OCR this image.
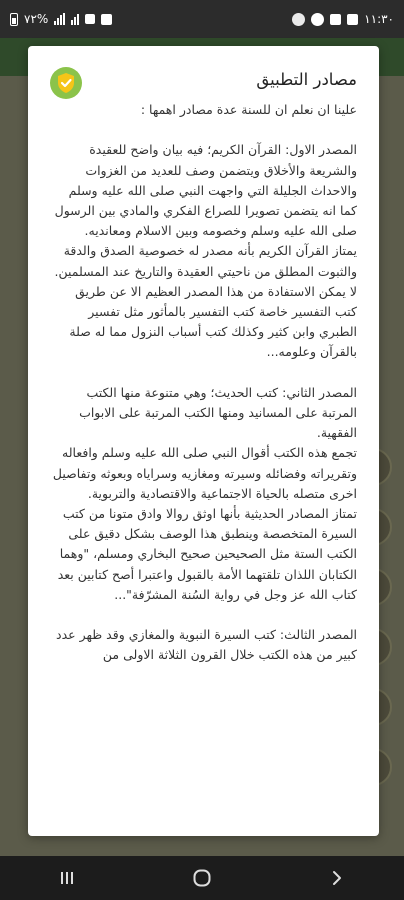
٧٢%	١١:٣٠
مصادر التطبيق

علينا ان نعلم ان للسنة عدة مصادر اهمها :

المصدر الاول: القرآن الكريم؛ فيه بيان واضح للعقيدة والشريعة والأخلاق ويتضمن وصف للعديد من الغزوات والاحداث الجليلة التي واجهت النبي صلى الله عليه وسلم كما انه يتضمن تصويرا للصراع الفكري والمادي بين الرسول صلى الله عليه وسلم وخصومه وبين الاسلام ومعانديه.
يمتاز القرآن الكريم بأنه مصدر له خصوصية الصدق والدقة والثبوت المطلق من ناحيتي العقيدة والتاريخ عند المسلمين.
لا يمكن الاستفادة من هذا المصدر العظيم الا عن طريق كتب التفسير خاصة كتب التفسير بالمأثور مثل تفسير الطبري وابن كثير وكذلك كتب أسباب النزول مما له صلة بالقرآن وعلومه...

المصدر الثاني: كتب الحديث؛ وهي متنوعة منها الكتب المرتبة على المسانيد ومنها الكتب المرتبة على الابواب الفقهية.
تجمع هذه الكتب أقوال النبي صلى الله عليه وسلم وافعاله وتقريراته وفضائله وسيرته ومغازيه وسراياه وبعوثه وتفاصيل اخرى متصله بالحياة الاجتماعية والاقتصادية والتربوية.
تمتاز المصادر الحديثية بأنها اوثق روالا وادق متونا من كتب السيرة المتخصصة وينطبق هذا الوصف بشكل دقيق على الكتب الستة مثل الصحيحين صحيح البخاري ومسلم، "وهما الكتابان اللذان تلقتهما الأمة بالقبول واعتبرا أصح كتابين بعد كتاب الله عز وجل في رواية السُنة المشرّفة"...

المصدر الثالث: كتب السيرة النبوية والمغازي وقد ظهر عدد كبير من هذه الكتب خلال القرون الثلاثة الاولى من
